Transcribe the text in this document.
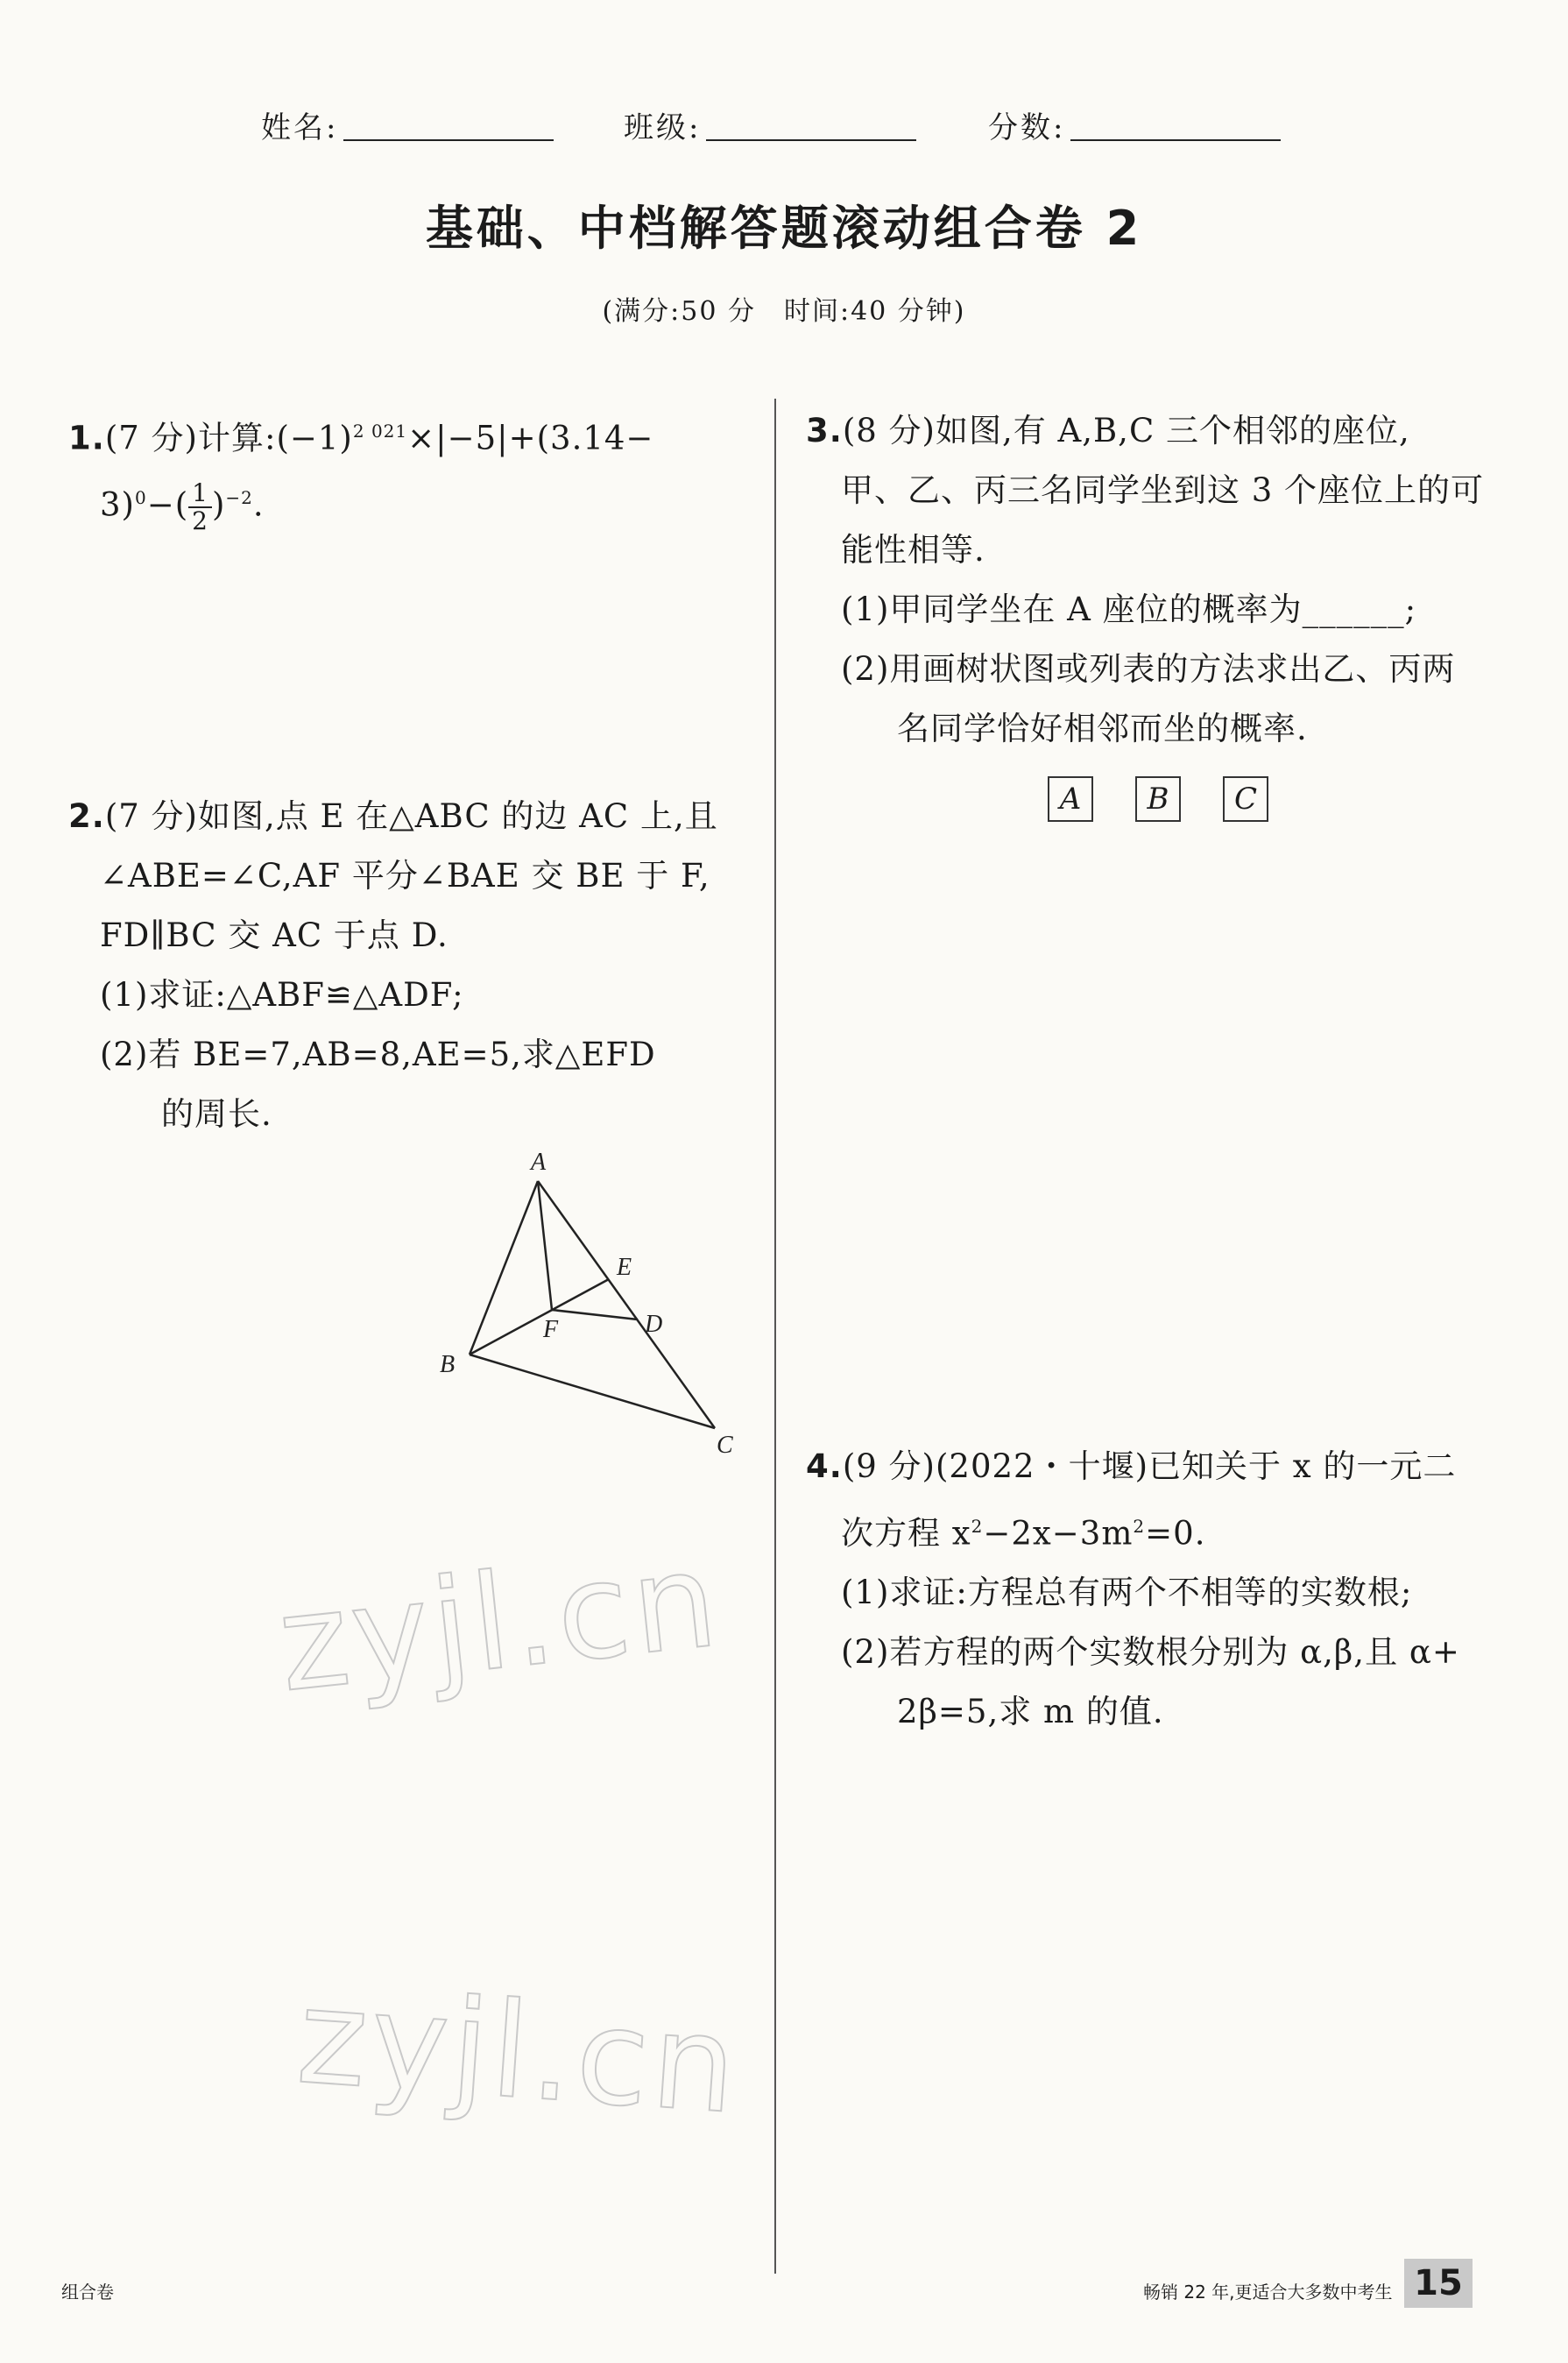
姓名:	班级:	分数:
基础、中档解答题滚动组合卷 2
(满分:50 分　时间:40 分钟)
1.(7 分)计算$:(-1)^{2 021}\times|-5|+(3.14-$
$3)^0-( \frac{1}{2} )^{-2}$.
2.(7 分)如图,点 E 在△ABC 的边 AC 上,且
∠ABE=∠C,AF 平分∠BAE 交 BE 于 F,
FD∥BC 交 AC 于点 D.
(1)求证:△ABF≌△ADF;
(2)若 BE=7,AB=8,AE=5,求△EFD
的周长.
A
B
C
D
E
F
3.(8 分)如图,有 A,B,C 三个相邻的座位,
甲、乙、丙三名同学坐到这 3 个座位上的可
能性相等.
(1)甲同学坐在 A 座位的概率为______;
(2)用画树状图或列表的方法求出乙、丙两
名同学恰好相邻而坐的概率.
A	B	C
4.(9 分)(2022・十堰)已知关于 x 的一元二
次方程 $x^2-2x-3m^2=0$.
(1)求证:方程总有两个不相等的实数根;
(2)若方程的两个实数根分别为 α,β,且 α+
2β=5,求 m 的值.
zyjl.cn
zyjl.cn
组合卷	畅销 22 年,更适合大多数中考生 15
